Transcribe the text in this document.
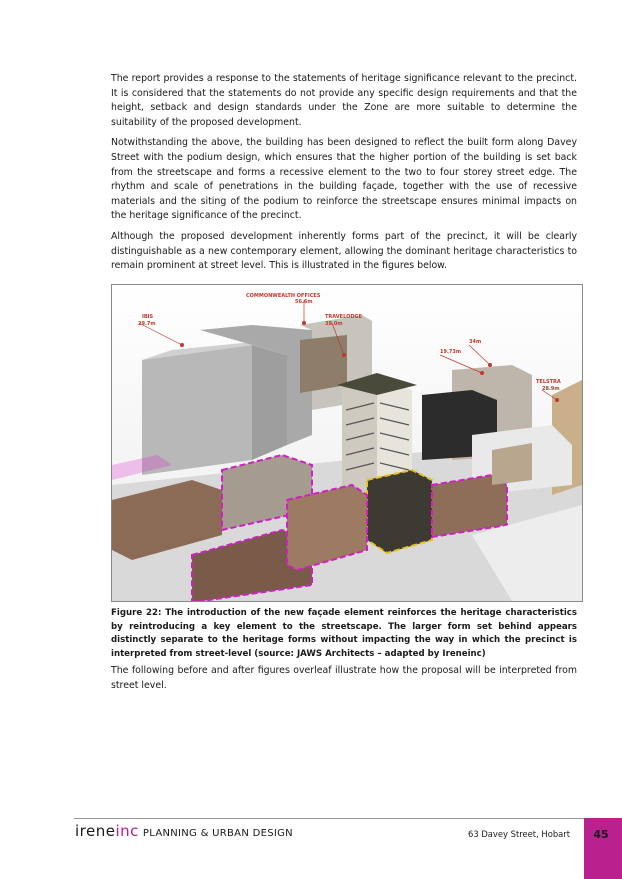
The report provides a response to the statements of heritage significance relevant to the precinct. It is considered that the statements do not provide any specific design requirements and that the height, setback and design standards under the Zone are more suitable to determine the suitability of the proposed development.

Notwithstanding the above, the building has been designed to reflect the built form along Davey Street with the podium design, which ensures that the higher portion of the building is set back from the streetscape and forms a recessive element to the two to four storey street edge. The rhythm and scale of penetrations in the building façade, together with the use of recessive materials and the siting of the podium to reinforce the streetscape ensures minimal impacts on the heritage significance of the precinct.

Although the proposed development inherently forms part of the precinct, it will be clearly distinguishable as a new contemporary element, allowing the dominant heritage characteristics to remain prominent at street level. This is illustrated in the figures below.

COMMONWEALTH OFFICES
56.6m
IBIS
29.7m
TRAVELODGE
38.0m
34m
19.73m
TELSTRA
28.9m

Figure 22: The introduction of the new façade element reinforces the heritage characteristics by reintroducing a key element to the streetscape. The larger form set behind appears distinctly separate to the heritage forms without impacting the way in which the precinct is interpreted from street-level (source: JAWS Architects – adapted by Ireneinc)

The following before and after figures overleaf illustrate how the proposal will be interpreted from street level.

ireneinc PLANNING & URBAN DESIGN	63 Davey Street, Hobart	45
